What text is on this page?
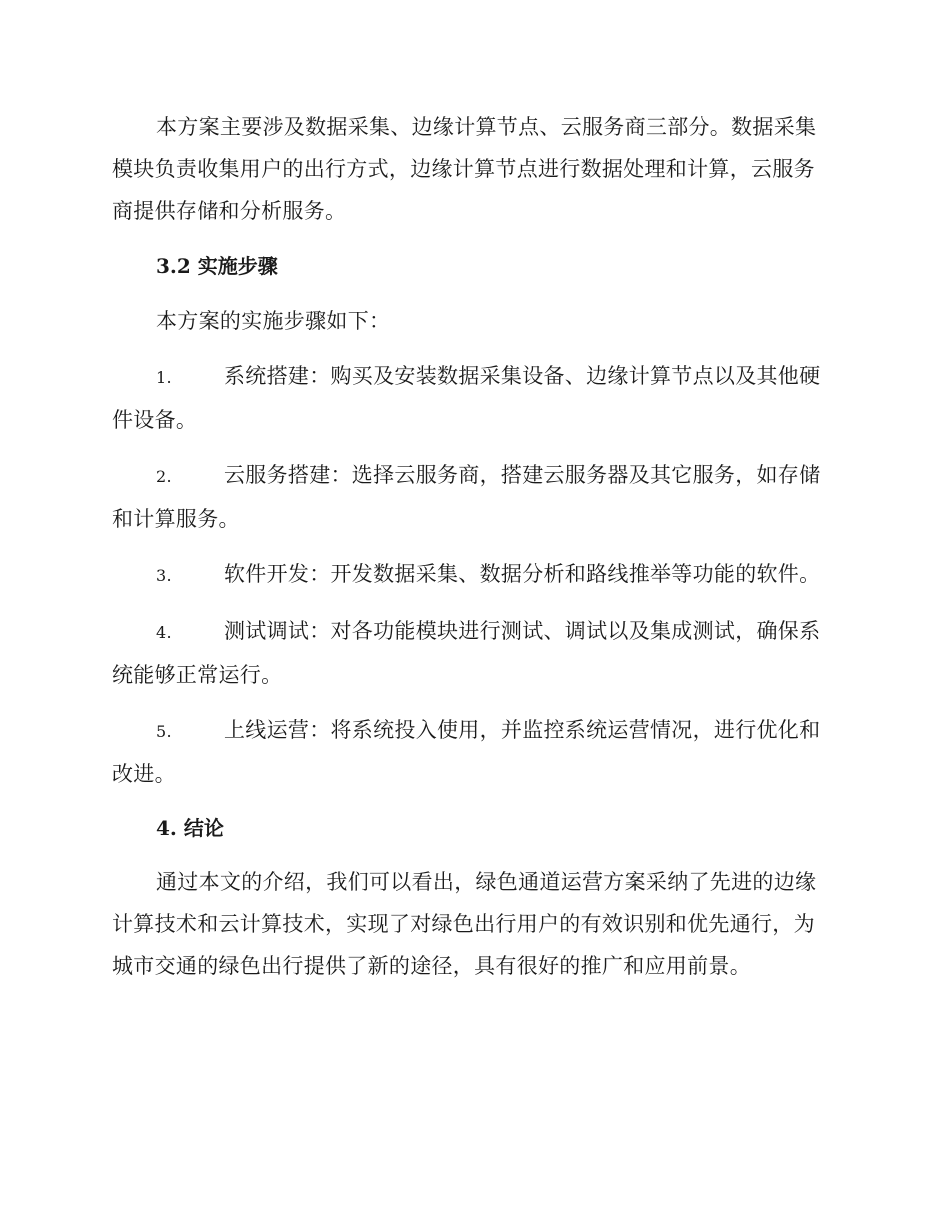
本方案主要涉及数据采集、边缘计算节点、云服务商三部分。数据采集模块负责收集用户的出行方式，边缘计算节点进行数据处理和计算，云服务商提供存储和分析服务。

3.2 实施步骤

本方案的实施步骤如下：

1. 系统搭建：购买及安装数据采集设备、边缘计算节点以及其他硬件设备。

2. 云服务搭建：选择云服务商，搭建云服务器及其它服务，如存储和计算服务。

3. 软件开发：开发数据采集、数据分析和路线推举等功能的软件。

4. 测试调试：对各功能模块进行测试、调试以及集成测试，确保系统能够正常运行。

5. 上线运营：将系统投入使用，并监控系统运营情况，进行优化和改进。

4. 结论

通过本文的介绍，我们可以看出，绿色通道运营方案采纳了先进的边缘计算技术和云计算技术，实现了对绿色出行用户的有效识别和优先通行，为城市交通的绿色出行提供了新的途径，具有很好的推广和应用前景。
